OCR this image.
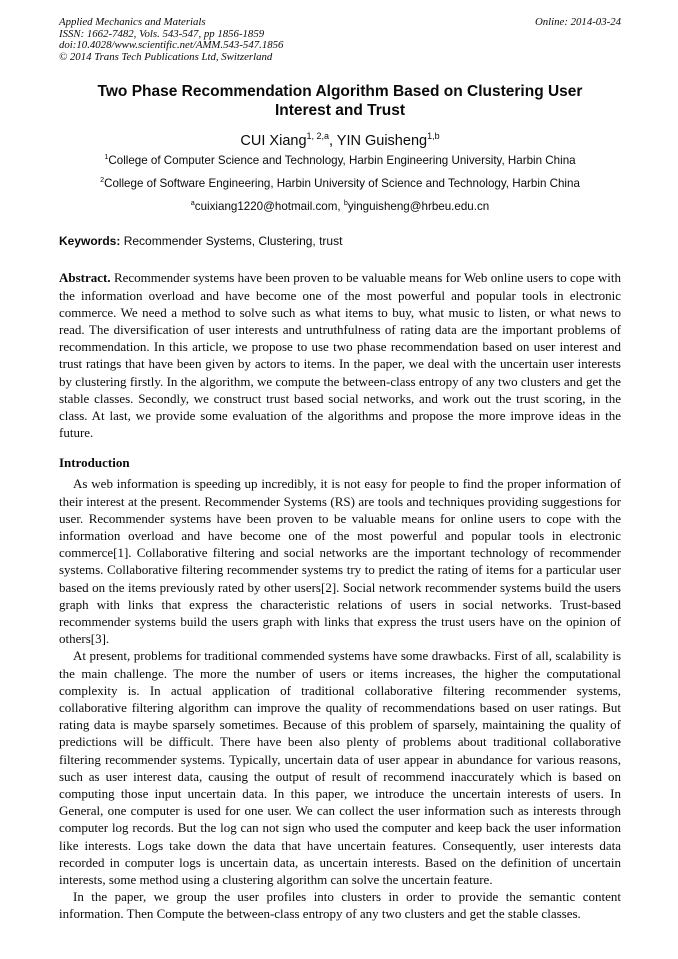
Applied Mechanics and Materials
ISSN: 1662-7482, Vols. 543-547, pp 1856-1859
doi:10.4028/www.scientific.net/AMM.543-547.1856
© 2014 Trans Tech Publications Ltd, Switzerland
Online: 2014-03-24
Two Phase Recommendation Algorithm Based on Clustering User Interest and Trust
CUI Xiang$^{1, 2,a}$, YIN Guisheng$^{1,b}$
$^1$College of Computer Science and Technology, Harbin Engineering University, Harbin China
$^2$College of Software Engineering, Harbin University of Science and Technology, Harbin China
$^a$cuixiang1220@hotmail.com, $^b$yinguisheng@hrbeu.edu.cn

Keywords: Recommender Systems, Clustering, trust

Abstract. Recommender systems have been proven to be valuable means for Web online users to cope with the information overload and have become one of the most powerful and popular tools in electronic commerce. We need a method to solve such as what items to buy, what music to listen, or what news to read. The diversification of user interests and untruthfulness of rating data are the important problems of recommendation. In this article, we propose to use two phase recommendation based on user interest and trust ratings that have been given by actors to items. In the paper, we deal with the uncertain user interests by clustering firstly. In the algorithm, we compute the between-class entropy of any two clusters and get the stable classes. Secondly, we construct trust based social networks, and work out the trust scoring, in the class. At last, we provide some evaluation of the algorithms and propose the more improve ideas in the future.

Introduction

As web information is speeding up incredibly, it is not easy for people to find the proper information of their interest at the present. Recommender Systems (RS) are tools and techniques providing suggestions for user. Recommender systems have been proven to be valuable means for online users to cope with the information overload and have become one of the most powerful and popular tools in electronic commerce[1]. Collaborative filtering and social networks are the important technology of recommender systems. Collaborative filtering recommender systems try to predict the rating of items for a particular user based on the items previously rated by other users[2]. Social network recommender systems build the users graph with links that express the characteristic relations of users in social networks. Trust-based recommender systems build the users graph with links that express the trust users have on the opinion of others[3].

At present, problems for traditional commended systems have some drawbacks. First of all, scalability is the main challenge. The more the number of users or items increases, the higher the computational complexity is. In actual application of traditional collaborative filtering recommender systems, collaborative filtering algorithm can improve the quality of recommendations based on user ratings. But rating data is maybe sparsely sometimes. Because of this problem of sparsely, maintaining the quality of predictions will be difficult. There have been also plenty of problems about traditional collaborative filtering recommender systems. Typically, uncertain data of user appear in abundance for various reasons, such as user interest data, causing the output of result of recommend inaccurately which is based on computing those input uncertain data. In this paper, we introduce the uncertain interests of users. In General, one computer is used for one user. We can collect the user information such as interests through computer log records. But the log can not sign who used the computer and keep back the user information like interests. Logs take down the data that have uncertain features. Consequently, user interests data recorded in computer logs is uncertain data, as uncertain interests. Based on the definition of uncertain interests, some method using a clustering algorithm can solve the uncertain feature.

In the paper, we group the user profiles into clusters in order to provide the semantic content information. Then Compute the between-class entropy of any two clusters and get the stable classes.
